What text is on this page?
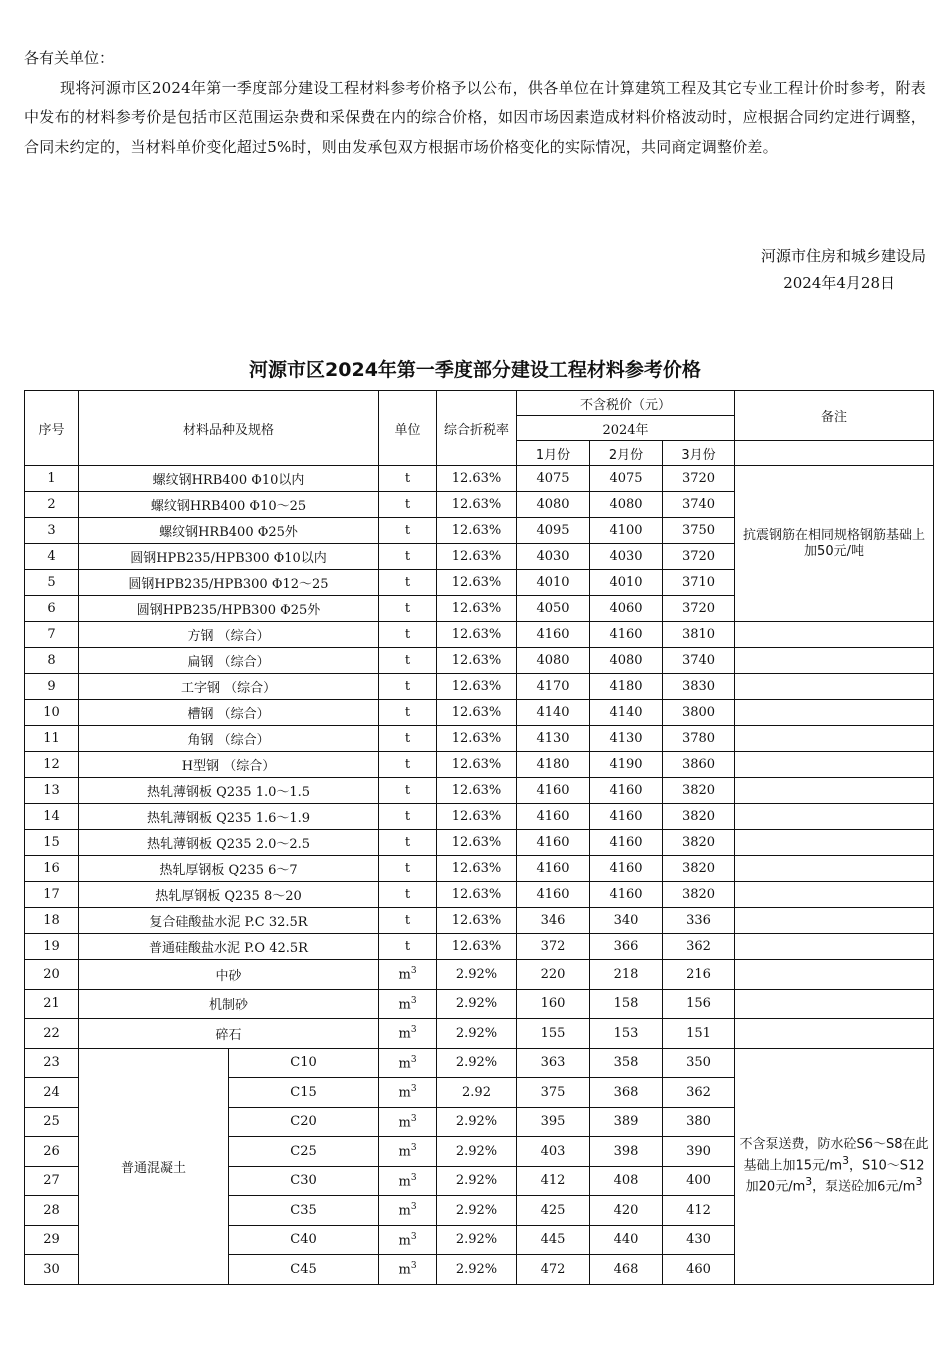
各有关单位：

现将河源市区2024年第一季度部分建设工程材料参考价格予以公布，供各单位在计算建筑工程及其它专业工程计价时参考，附表中发布的材料参考价是包括市区范围运杂费和采保费在内的综合价格，如因市场因素造成材料价格波动时，应根据合同约定进行调整，合同未约定的，当材料单价变化超过5%时，则由发承包双方根据市场价格变化的实际情况，共同商定调整价差。

河源市住房和城乡建设局
2024年4月28日
河源市区2024年第一季度部分建设工程材料参考价格
序号	材料品种及规格		单位	综合折税率	不含税价（元）			备注
					2024年			
					1月份	2月份	3月份	
1	螺纹钢HRB400 Φ10以内		t	12.63%	4075	4075	3720	抗震钢筋在相同规格钢筋基础上加50元/吨
2	螺纹钢HRB400 Φ10～25		t	12.63%	4080	4080	3740	
3	螺纹钢HRB400 Φ25外		t	12.63%	4095	4100	3750	
4	圆钢HPB235/HPB300 Φ10以内		t	12.63%	4030	4030	3720	
5	圆钢HPB235/HPB300 Φ12～25		t	12.63%	4010	4010	3710	
6	圆钢HPB235/HPB300 Φ25外		t	12.63%	4050	4060	3720	
7	方钢 （综合）		t	12.63%	4160	4160	3810	
8	扁钢 （综合）		t	12.63%	4080	4080	3740	
9	工字钢 （综合）		t	12.63%	4170	4180	3830	
10	槽钢 （综合）		t	12.63%	4140	4140	3800	
11	角钢 （综合）		t	12.63%	4130	4130	3780	
12	H型钢 （综合）		t	12.63%	4180	4190	3860	
13	热轧薄钢板 Q235 1.0～1.5		t	12.63%	4160	4160	3820	
14	热轧薄钢板 Q235 1.6～1.9		t	12.63%	4160	4160	3820	
15	热轧薄钢板 Q235 2.0～2.5		t	12.63%	4160	4160	3820	
16	热轧厚钢板 Q235 6～7		t	12.63%	4160	4160	3820	
17	热轧厚钢板 Q235 8～20		t	12.63%	4160	4160	3820	
18	复合硅酸盐水泥 P.C 32.5R		t	12.63%	346	340	336	
19	普通硅酸盐水泥 P.O 42.5R		t	12.63%	372	366	362	
20	中砂		$m^3$	2.92%	220	218	216	
21	机制砂		$m^3$	2.92%	160	158	156	
22	碎石		$m^3$	2.92%	155	153	151	
23	普通混凝土	C10	$m^3$	2.92%	363	358	350	不含泵送费，防水砼S6～S8在此基础上加15元$/m^3$，S10～S12加20元$/m^3$，泵送砼加6元$/m^3$
24		C15	$m^3$	2.92	375	368	362	
25		C20	$m^3$	2.92%	395	389	380	
26		C25	$m^3$	2.92%	403	398	390	
27		C30	$m^3$	2.92%	412	408	400	
28		C35	$m^3$	2.92%	425	420	412	
29		C40	$m^3$	2.92%	445	440	430	
30		C45	$m^3$	2.92%	472	468	460	
